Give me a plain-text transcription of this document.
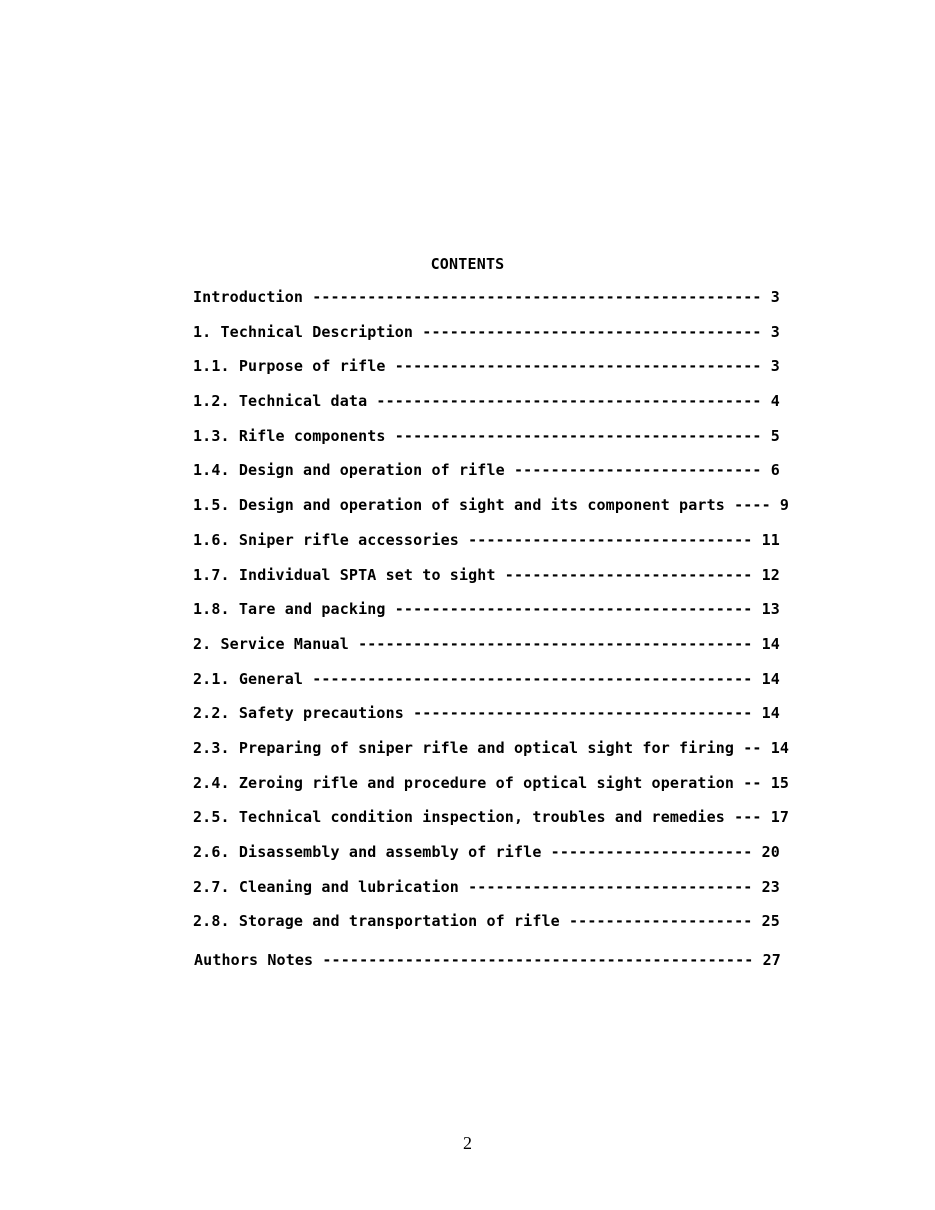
CONTENTS
Introduction ------------------------------------------------- 3
1. Technical Description ------------------------------------- 3
1.1. Purpose of rifle ---------------------------------------- 3
1.2. Technical data ------------------------------------------ 4
1.3. Rifle components ---------------------------------------- 5
1.4. Design and operation of rifle --------------------------- 6
1.5. Design and operation of sight and its component parts ---- 9
1.6. Sniper rifle accessories ------------------------------- 11
1.7. Individual SPTA set to sight --------------------------- 12
1.8. Tare and packing --------------------------------------- 13
2. Service Manual ------------------------------------------- 14
2.1. General ------------------------------------------------ 14
2.2. Safety precautions ------------------------------------- 14
2.3. Preparing of sniper rifle and optical sight for firing -- 14
2.4. Zeroing rifle and procedure of optical sight operation -- 15
2.5. Technical condition inspection, troubles and remedies --- 17
2.6. Disassembly and assembly of rifle ---------------------- 20
2.7. Cleaning and lubrication ------------------------------- 23
2.8. Storage and transportation of rifle -------------------- 25
Authors Notes ----------------------------------------------- 27
2
